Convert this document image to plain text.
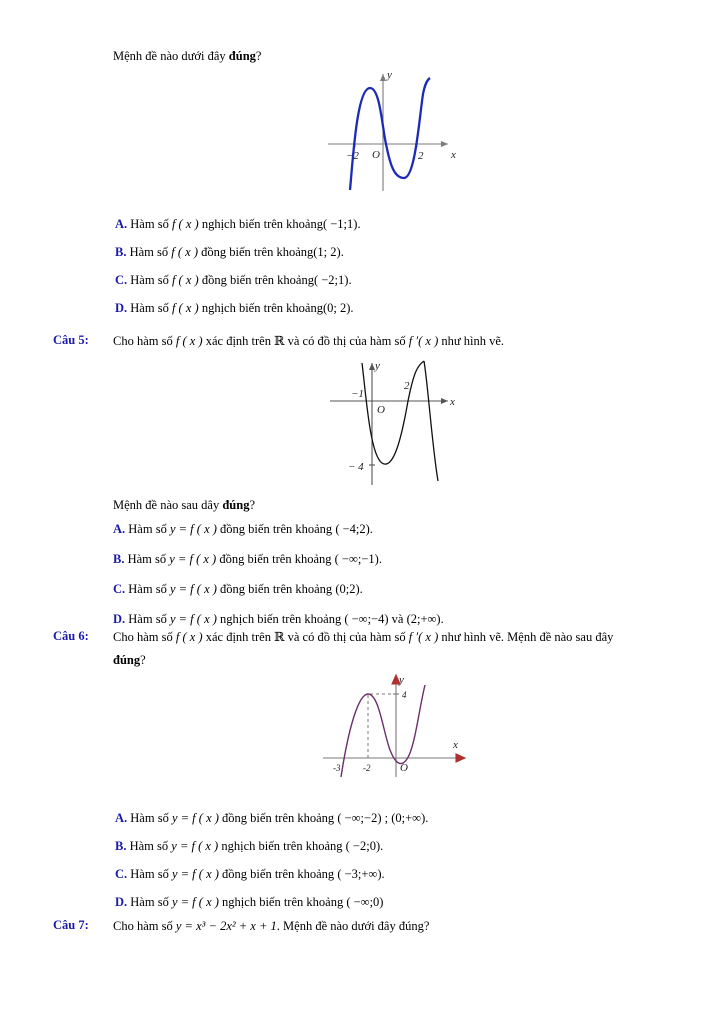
Mệnh đề nào dưới đây đúng?
−2	2
O	x
y
A. Hàm số f ( x ) nghịch biến trên khoảng( −1;1).
B. Hàm số f ( x ) đồng biến trên khoảng(1; 2).
C. Hàm số f ( x ) đồng biến trên khoảng( −2;1).
D. Hàm số f ( x ) nghịch biến trên khoảng(0; 2).
Câu 5: Cho hàm số f ( x ) xác định trên ℝ và có đồ thị của hàm số f ′( x ) như hình vẽ.
y
x
−1
O
2
− 4
Mệnh đề nào sau dây đúng?
A. Hàm số y = f ( x ) đồng biến trên khoảng ( −4;2).
B. Hàm số y = f ( x ) đồng biến trên khoảng ( −∞;−1).
C. Hàm số y = f ( x ) đồng biến trên khoảng (0;2).
D. Hàm số y = f ( x ) nghịch biến trên khoảng ( −∞;−4) và (2;+∞).
Câu 6: Cho hàm số f ( x ) xác định trên ℝ và có đồ thị của hàm số f ′( x ) như hình vẽ. Mệnh đề nào sau đây
đúng?
y
x
-3	-2	O
4
A. Hàm số y = f ( x ) đồng biến trên khoảng ( −∞;−2) ; (0;+∞).
B. Hàm số y = f ( x ) nghịch biến trên khoảng ( −2;0).
C. Hàm số y = f ( x ) đồng biến trên khoảng ( −3;+∞).
D. Hàm số y = f ( x ) nghịch biến trên khoảng ( −∞;0)
Câu 7: Cho hàm số y = x³ − 2x² + x + 1. Mệnh đề nào dưới đây đúng?
